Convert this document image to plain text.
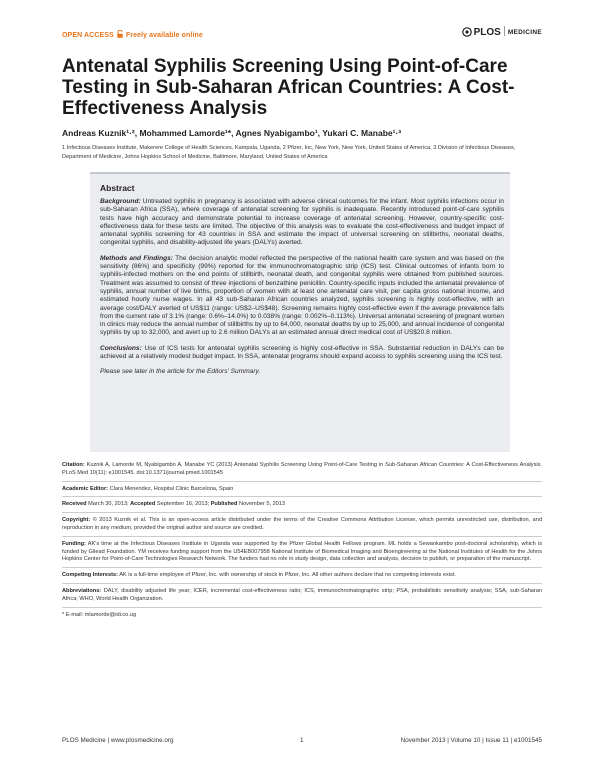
OPEN ACCESS Freely available online	PLOS MEDICINE
Antenatal Syphilis Screening Using Point-of-Care Testing in Sub-Saharan African Countries: A Cost-Effectiveness Analysis
Andreas Kuznik¹·², Mohammed Lamorde¹*, Agnes Nyabigambo¹, Yukari C. Manabe¹·³
1 Infectious Diseases Institute, Makerere College of Health Sciences, Kampala, Uganda, 2 Pfizer, Inc, New York, New York, United States of America, 3 Division of Infectious Diseases, Department of Medicine, Johns Hopkins School of Medicine, Baltimore, Maryland, United States of America
Abstract

Background: Untreated syphilis in pregnancy is associated with adverse clinical outcomes for the infant. Most syphilis infections occur in sub-Saharan Africa (SSA), where coverage of antenatal screening for syphilis is inadequate. Recently introduced point-of-care syphilis tests have high accuracy and demonstrate potential to increase coverage of antenatal screening. However, country-specific cost-effectiveness data for these tests are limited. The objective of this analysis was to evaluate the cost-effectiveness and budget impact of antenatal syphilis screening for 43 countries in SSA and estimate the impact of universal screening on stillbirths, neonatal deaths, congenital syphilis, and disability-adjusted life years (DALYs) averted.

Methods and Findings: The decision analytic model reflected the perspective of the national health care system and was based on the sensitivity (86%) and specificity (99%) reported for the immunochromatographic strip (ICS) test. Clinical outcomes of infants born to syphilis-infected mothers on the end points of stillbirth, neonatal death, and congenital syphilis were obtained from published sources. Treatment was assumed to consist of three injections of benzathine penicillin. Country-specific inputs included the antenatal prevalence of syphilis, annual number of live births, proportion of women with at least one antenatal care visit, per capita gross national income, and estimated hourly nurse wages. In all 43 sub-Saharan African countries analyzed, syphilis screening is highly cost-effective, with an average cost/DALY averted of US$11 (range: US$2–US$48). Screening remains highly cost-effective even if the average prevalence falls from the current rate of 3.1% (range: 0.6%–14.0%) to 0.038% (range: 0.002%–0.113%). Universal antenatal screening of pregnant women in clinics may reduce the annual number of stillbirths by up to 64,000, neonatal deaths by up to 25,000, and annual incidence of congenital syphilis by up to 32,000, and avert up to 2.6 million DALYs at an estimated annual direct medical cost of US$20.8 million.

Conclusions: Use of ICS tests for antenatal syphilis screening is highly cost-effective in SSA. Substantial reduction in DALYs can be achieved at a relatively modest budget impact. In SSA, antenatal programs should expand access to syphilis screening using the ICS test.

Please see later in the article for the Editors' Summary.

Citation: Kuznik A, Lamorde M, Nyabigambo A, Manabe YC (2013) Antenatal Syphilis Screening Using Point-of-Care Testing in Sub-Saharan African Countries: A Cost-Effectiveness Analysis. PLoS Med 10(11): e1001545. doi:10.1371/journal.pmed.1001545

Academic Editor: Clara Menendez, Hospital Clinic Barcelona, Spain

Received March 30, 2013; Accepted September 16, 2013; Published November 5, 2013

Copyright: © 2013 Kuznik et al. This is an open-access article distributed under the terms of the Creative Commons Attribution License, which permits unrestricted use, distribution, and reproduction in any medium, provided the original author and source are credited.

Funding: AK's time at the Infectious Diseases Institute in Uganda was supported by the Pfizer Global Health Fellows program. ML holds a Sewankambo post-doctoral scholarship, which is funded by Gilead Foundation. YM receives funding support from the U54EB007958 National Institute of Biomedical Imaging and Bioengineering at the National Institutes of Health for the Johns Hopkins Center for Point-of-Care Technologies Research Network. The funders had no role in study design, data collection and analysis, decision to publish, or preparation of the manuscript.

Competing Interests: AK is a full-time employee of Pfizer, Inc. with ownership of stock in Pfizer, Inc. All other authors declare that no competing interests exist.

Abbreviations: DALY, disability adjusted life year; ICER, incremental cost-effectiveness ratio; ICS, immunochromatographic strip; PSA, probabilistic sensitivity analysis; SSA, sub-Saharan Africa; WHO, World Health Organization.

* E-mail: mlamorde@idi.co.ug

PLOS Medicine | www.plosmedicine.org	1	November 2013 | Volume 10 | Issue 11 | e1001545
